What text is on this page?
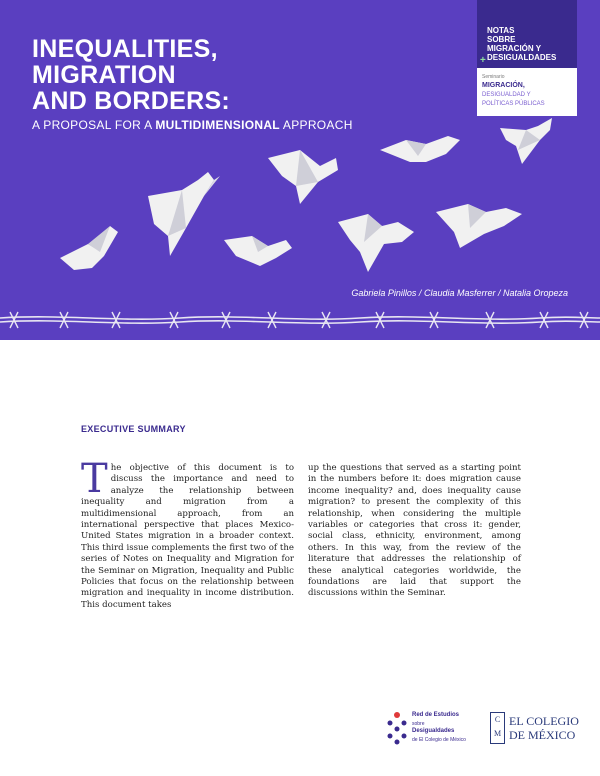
INEQUALITIES,
MIGRATION
AND BORDERS:
A PROPOSAL FOR A MULTIDIMENSIONAL APPROACH
NOTAS
SOBRE
MIGRACIÓN Y
DESIGUALDADES
+
Seminario
MIGRACIÓN,
DESIGUALDAD Y
POLÍTICAS PÚBLICAS
Gabriela Pinillos / Claudia Masferrer / Natalia Oropeza
EXECUTIVE SUMMARY
The objective of this document is to discuss the importance and need to analyze the relationship between inequality and migration from a multidimensional approach, from an international perspective that places Mexico-United States migration in a broader context. This third issue complements the first two of the series of Notes on Inequality and Migration for the Seminar on Migration, Inequality and Public Policies that focus on the relationship between migration and inequality in income distribution. This document takes
up the questions that served as a starting point in the numbers before it: does migration cause income inequality? and, does inequality cause migration? to present the complexity of this relationship, when considering the multiple variables or categories that cross it: gender, social class, ethnicity, environment, among others. In this way, from the review of the literature that addresses the relationship of these analytical categories worldwide, the foundations are laid that support the discussions within the Seminar.
Red de Estudios
sobre
Desigualdades
de El Colegio de México
C
M
EL COLEGIO
DE MÉXICO
